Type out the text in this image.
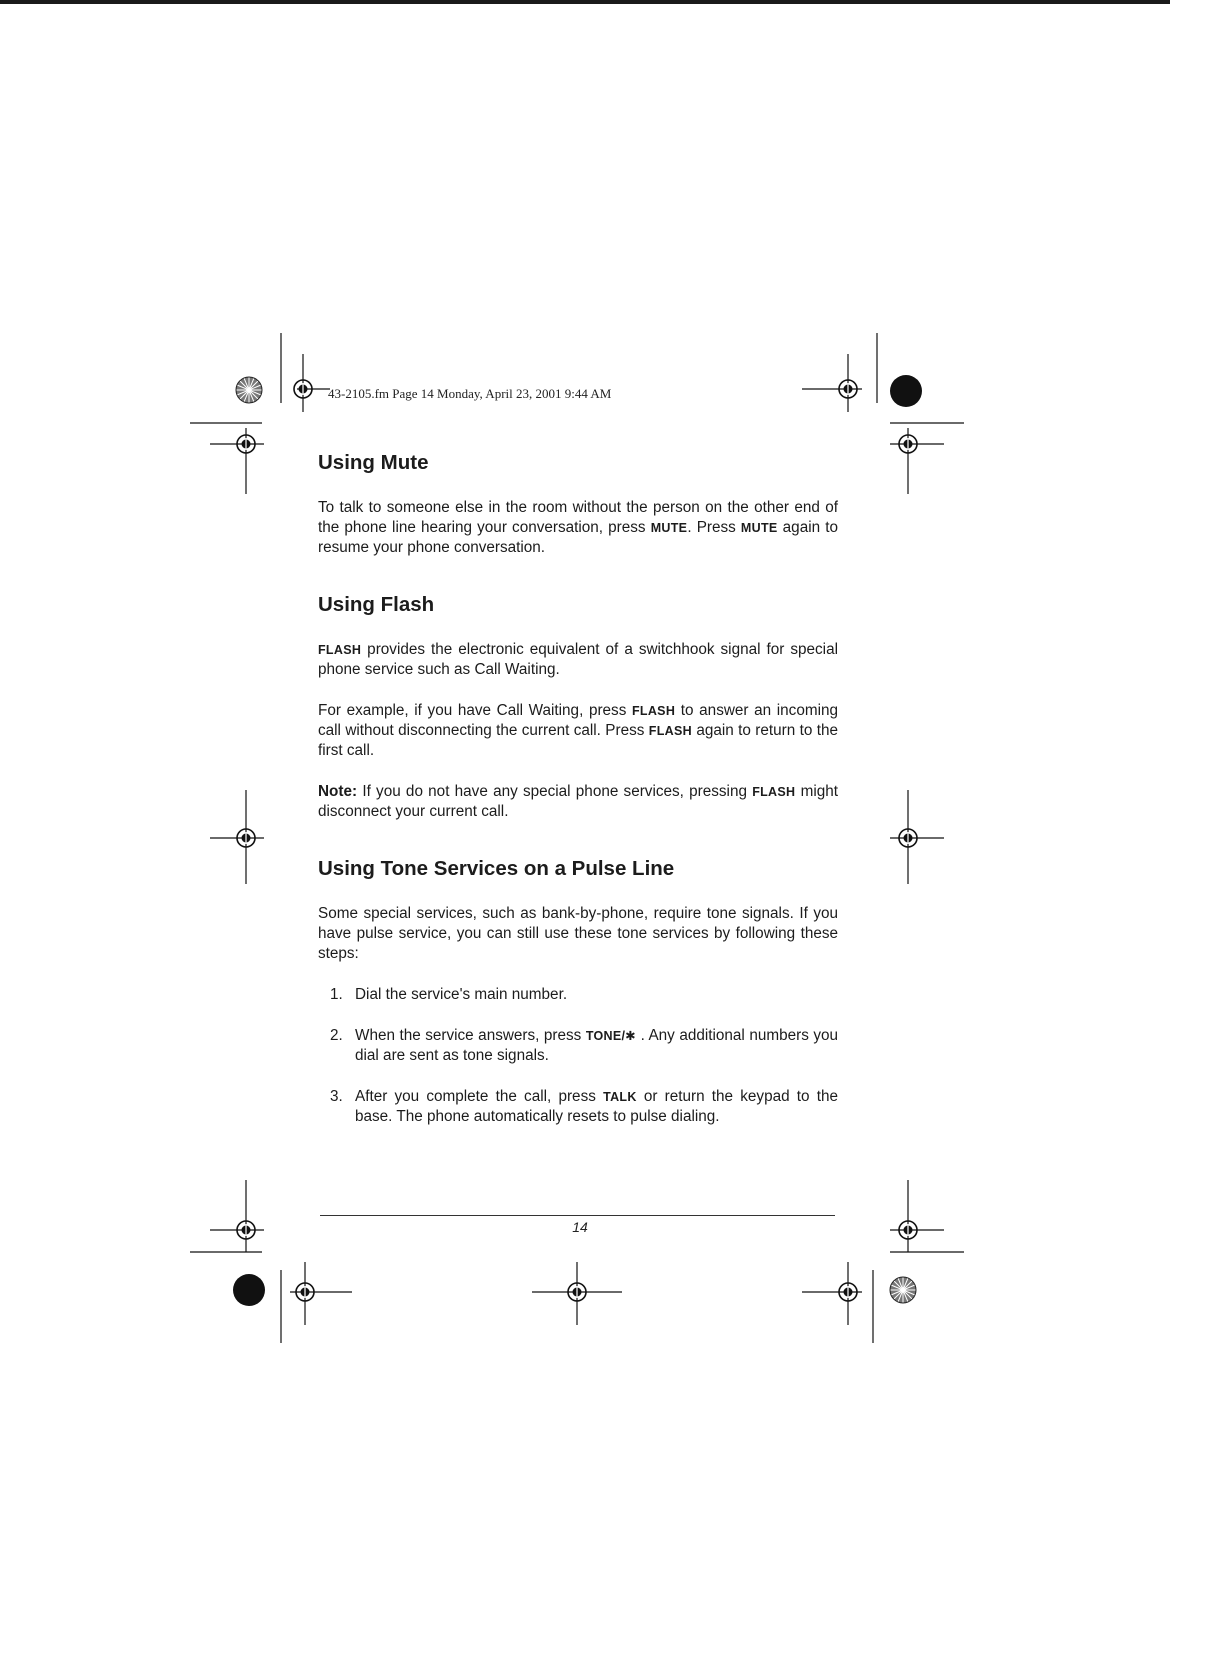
43-2105.fm Page 14 Monday, April 23, 2001 9:44 AM
Using Mute

To talk to someone else in the room without the person on the other end of the phone line hearing your conversation, press MUTE. Press MUTE again to resume your phone conversation.

Using Flash

FLASH provides the electronic equivalent of a switchhook signal for special phone service such as Call Waiting.

For example, if you have Call Waiting, press FLASH to answer an incoming call without disconnecting the current call. Press FLASH again to return to the first call.

Note: If you do not have any special phone services, pressing FLASH might disconnect your current call.

Using Tone Services on a Pulse Line

Some special services, such as bank-by-phone, require tone signals. If you have pulse service, you can still use these tone services by following these steps:

1. Dial the service's main number.
2. When the service answers, press TONE/✱ . Any additional numbers you dial are sent as tone signals.
3. After you complete the call, press TALK or return the keypad to the base. The phone automatically resets to pulse dialing.
14
